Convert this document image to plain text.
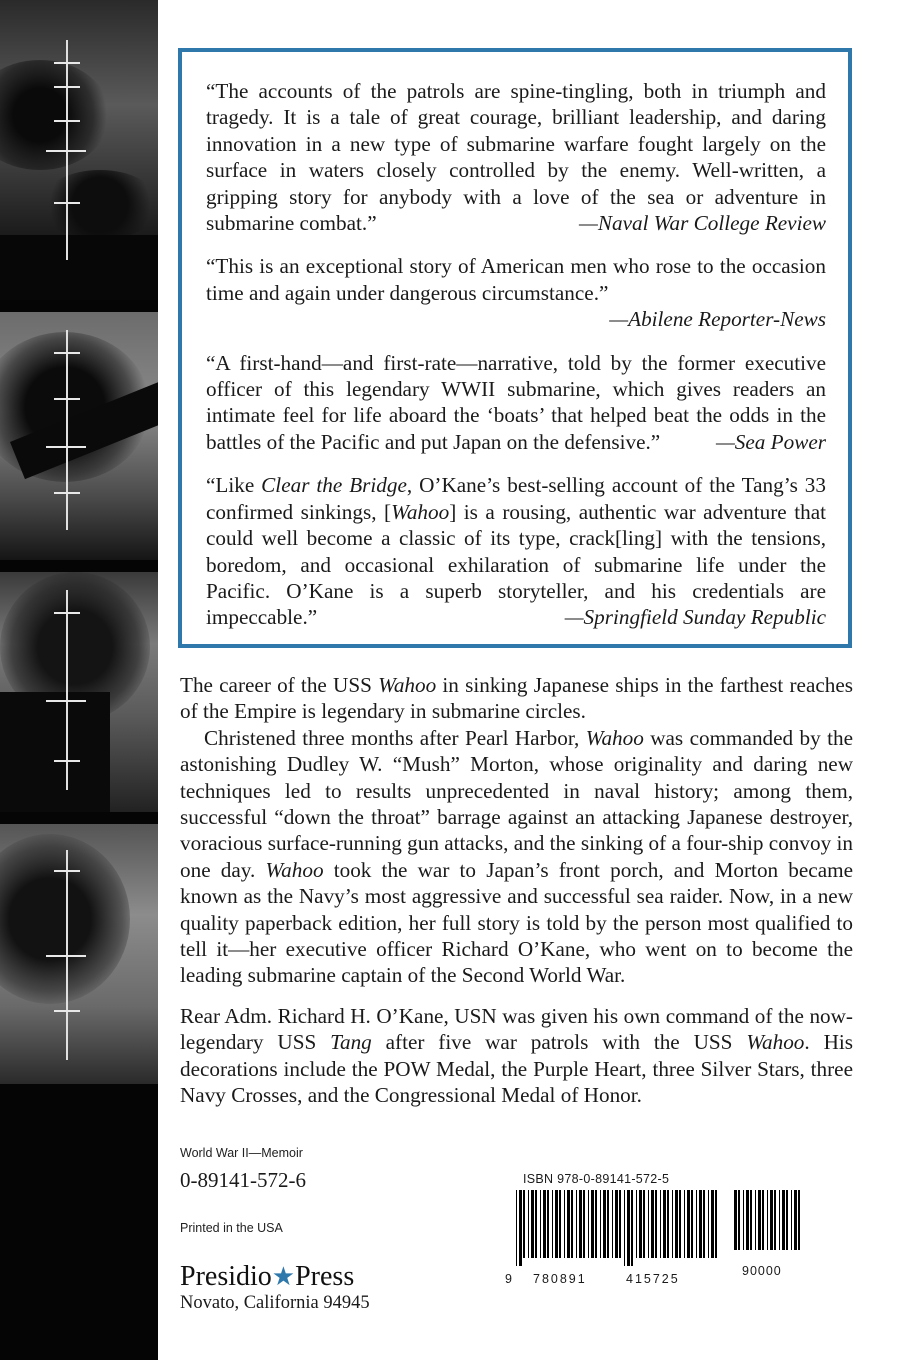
“The accounts of the patrols are spine-tingling, both in triumph and tragedy. It is a tale of great courage, brilliant leadership, and daring innovation in a new type of submarine warfare fought largely on the surface in waters closely controlled by the enemy. Well-written, a gripping story for anybody with a love of the sea or adventure in submarine combat.”	—Naval War College Review
“This is an exceptional story of American men who rose to the occasion time and again under dangerous circumstance.”
—Abilene Reporter-News
“A first-hand—and first-rate—narrative, told by the former executive officer of this legendary WWII submarine, which gives readers an intimate feel for life aboard the ‘boats’ that helped beat the odds in the battles of the Pacific and put Japan on the defensive.”	—Sea Power
“Like Clear the Bridge, O’Kane’s best-selling account of the Tang’s 33 confirmed sinkings, [Wahoo] is a rousing, authentic war adventure that could well become a classic of its type, crack[ling] with the tensions, boredom, and occasional exhilaration of submarine life under the Pacific. O’Kane is a superb storyteller, and his credentials are impeccable.”	—Springfield Sunday Republic

The career of the USS Wahoo in sinking Japanese ships in the farthest reaches of the Empire is legendary in submarine circles.

Christened three months after Pearl Harbor, Wahoo was commanded by the astonishing Dudley W. “Mush” Morton, whose originality and daring new techniques led to results unprecedented in naval history; among them, successful “down the throat” barrage against an attacking Japanese destroyer, voracious surface-running gun attacks, and the sinking of a four-ship convoy in one day. Wahoo took the war to Japan’s front porch, and Morton became known as the Navy’s most aggressive and successful sea raider. Now, in a new quality paperback edition, her full story is told by the person most qualified to tell it—her executive officer Richard O’Kane, who went on to become the leading submarine captain of the Second World War.

Rear Adm. Richard H. O’Kane, USN was given his own command of the now-legendary USS Tang after five war patrols with the USS Wahoo. His decorations include the POW Medal, the Purple Heart, three Silver Stars, three Navy Crosses, and the Congressional Medal of Honor.

World War II—Memoir
0-89141-572-6
Printed in the USA
Presidio★Press
Novato, California 94945
ISBN 978-0-89141-572-5
9 780891	415725
90000
